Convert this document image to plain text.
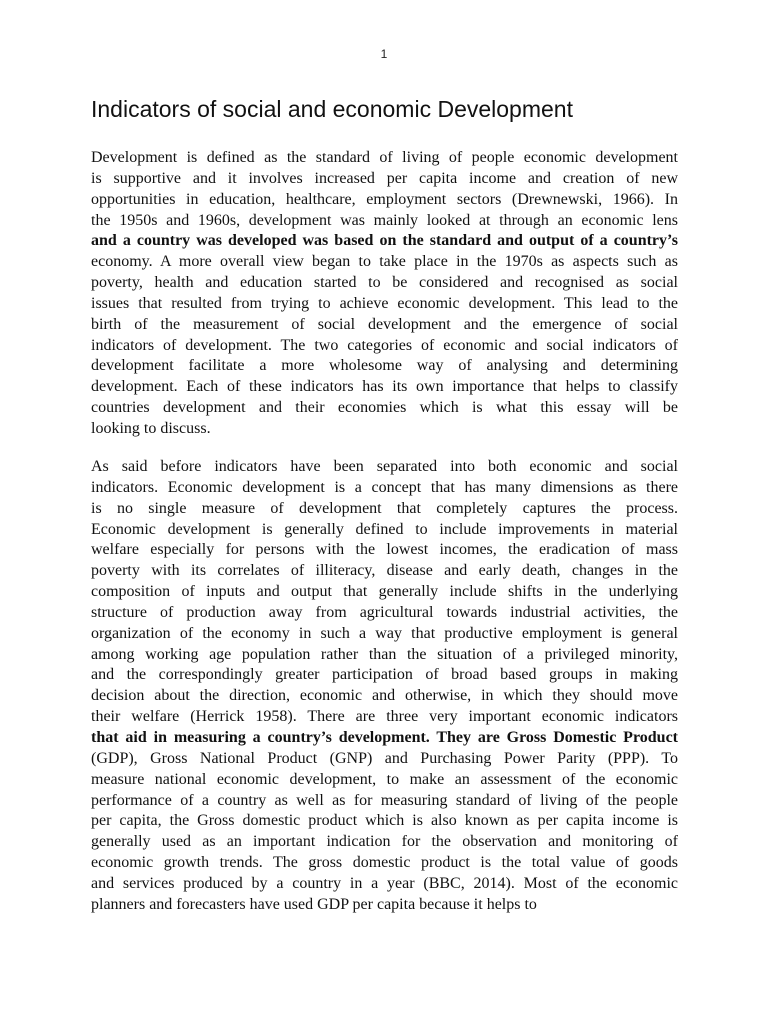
1
Indicators of social and economic Development
Development is defined as the standard of living of people economic development
is supportive and it involves increased per capita income and creation of new
opportunities in education, healthcare, employment sectors (Drewnewski, 1966). In
the 1950s and 1960s, development was mainly looked at through an economic lens
and a country was developed was based on the standard and output of a country’s
economy. A more overall view began to take place in the 1970s as aspects such as
poverty, health and education started to be considered and recognised as social
issues that resulted from trying to achieve economic development. This lead to the
birth of the measurement of social development and the emergence of social
indicators of development. The two categories of economic and social indicators of
development facilitate a more wholesome way of analysing and determining
development. Each of these indicators has its own importance that helps to classify
countries development and their economies which is what this essay will be
looking to discuss.
As said before indicators have been separated into both economic and social
indicators. Economic development is a concept that has many dimensions as there
is no single measure of development that completely captures the process.
Economic development is generally defined to include improvements in material
welfare especially for persons with the lowest incomes, the eradication of mass
poverty with its correlates of illiteracy, disease and early death, changes in the
composition of inputs and output that generally include shifts in the underlying
structure of production away from agricultural towards industrial activities, the
organization of the economy in such a way that productive employment is general
among working age population rather than the situation of a privileged minority,
and the correspondingly greater participation of broad based groups in making
decision about the direction, economic and otherwise, in which they should move
their welfare (Herrick 1958). There are three very important economic indicators
that aid in measuring a country’s development. They are Gross Domestic Product
(GDP), Gross National Product (GNP) and Purchasing Power Parity (PPP). To
measure national economic development, to make an assessment of the economic
performance of a country as well as for measuring standard of living of the people
per capita, the Gross domestic product which is also known as per capita income is
generally used as an important indication for the observation and monitoring of
economic growth trends. The gross domestic product is the total value of goods
and services produced by a country in a year (BBC, 2014). Most of the economic
planners and forecasters have used GDP per capita because it helps to
